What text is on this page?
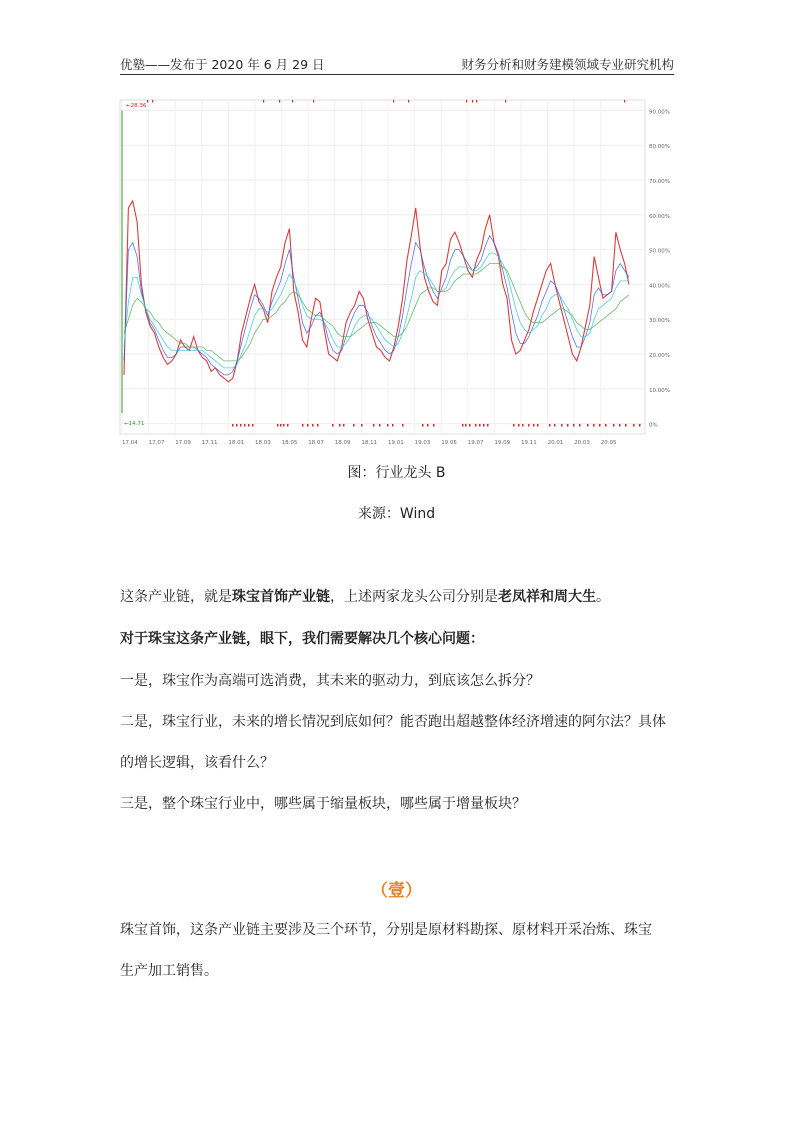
优塾——发布于 2020 年 6 月 29 日	财务分析和财务建模领域专业研究机构
90.00%
80.00%
70.00%
60.00%
50.00%
40.00%
30.00%
20.00%
10.00%
0%
17.04 17.07 17.09 17.11 18.01 18.03 18.05 18.07 18.09 18.11 19.01 19.03 19.05 19.07 19.09 19.11 20.01 20.03 20.05
←28.36
←14.71
图：行业龙头 B
来源：Wind
这条产业链，就是珠宝首饰产业链，上述两家龙头公司分别是老凤祥和周大生。
对于珠宝这条产业链，眼下，我们需要解决几个核心问题：
一是，珠宝作为高端可选消费，其未来的驱动力，到底该怎么拆分？
二是，珠宝行业，未来的增长情况到底如何？能否跑出超越整体经济增速的阿尔法？具体
的增长逻辑，该看什么？
三是，整个珠宝行业中，哪些属于缩量板块，哪些属于增量板块？
（壹）
珠宝首饰，这条产业链主要涉及三个环节，分别是原材料勘探、原材料开采冶炼、珠宝
生产加工销售。
